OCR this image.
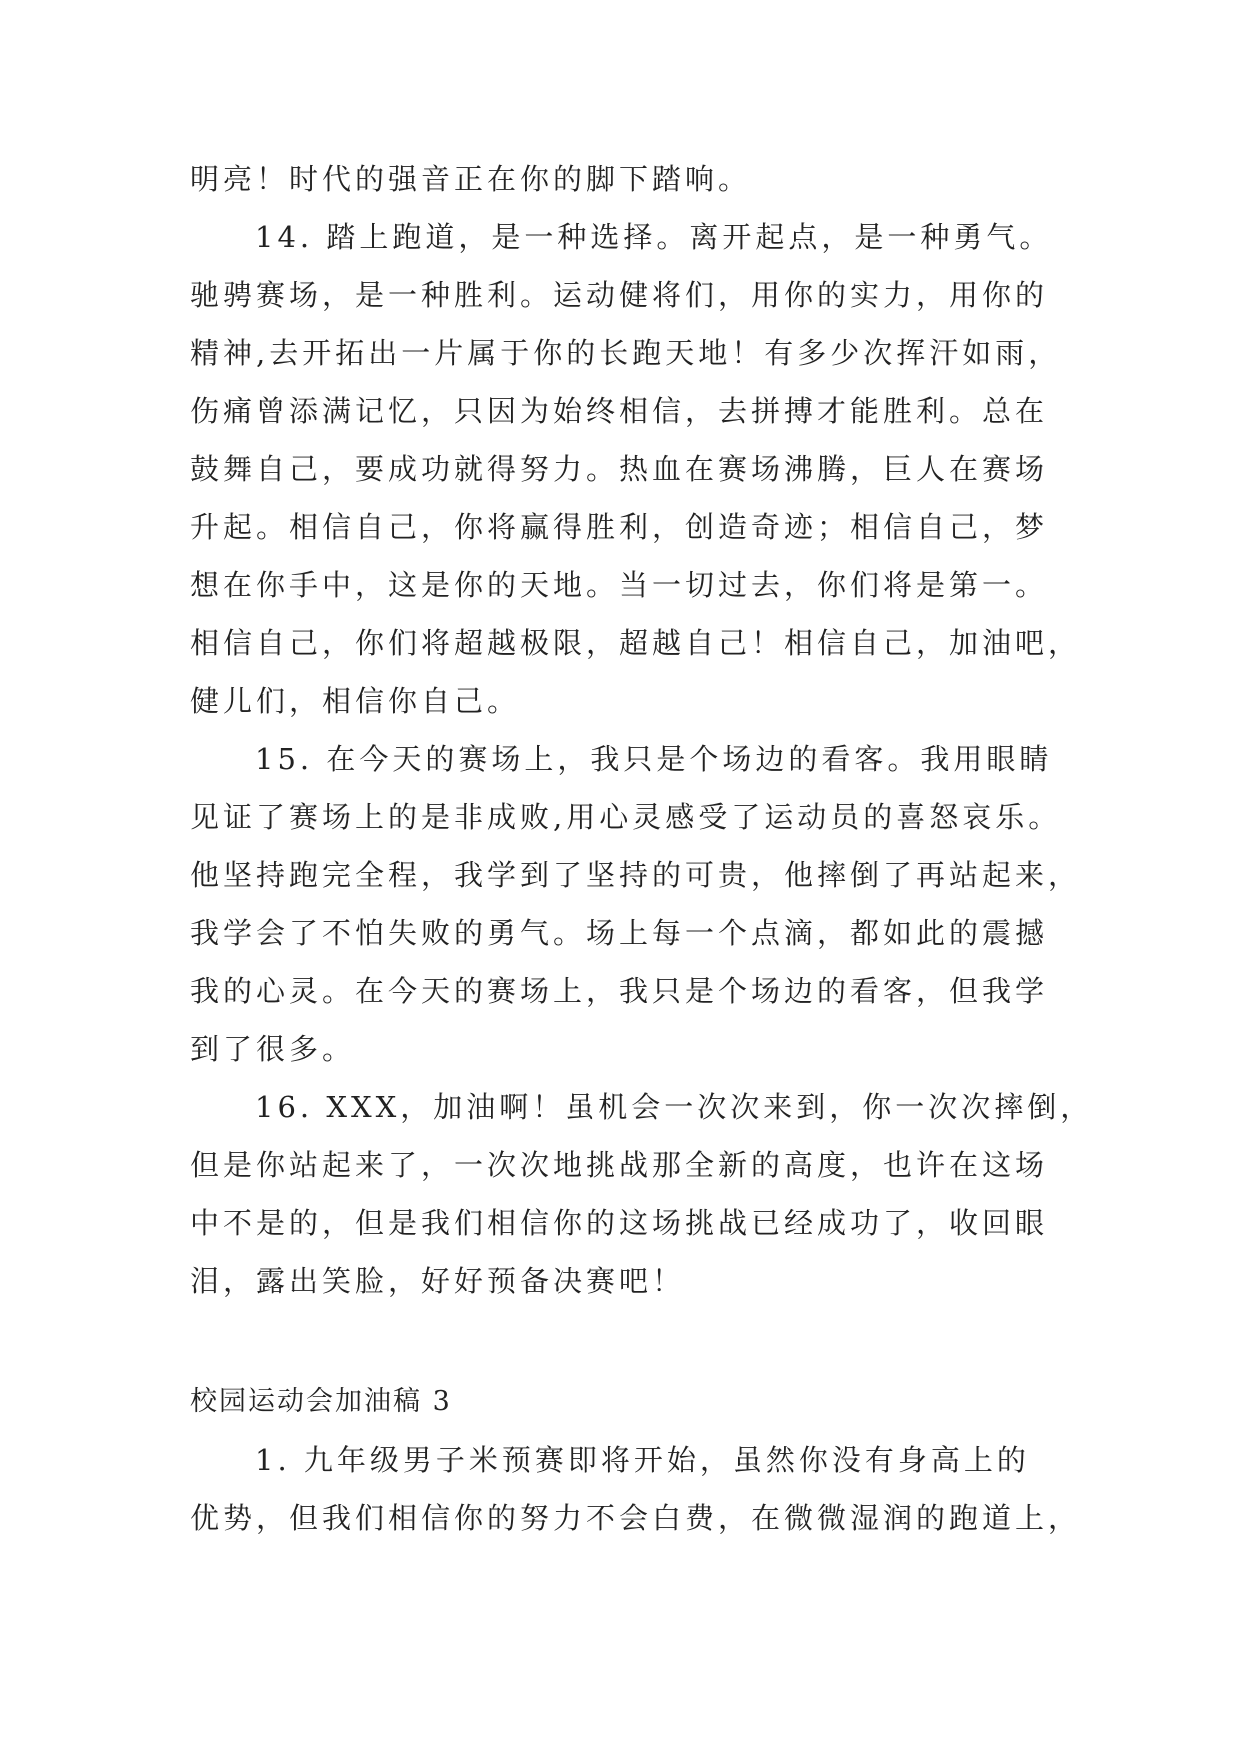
明亮！时代的强音正在你的脚下踏响。
14. 踏上跑道，是一种选择。离开起点，是一种勇气。
驰骋赛场，是一种胜利。运动健将们，用你的实力，用你的
精神,去开拓出一片属于你的长跑天地！有多少次挥汗如雨，
伤痛曾添满记忆，只因为始终相信，去拼搏才能胜利。总在
鼓舞自己，要成功就得努力。热血在赛场沸腾，巨人在赛场
升起。相信自己，你将赢得胜利，创造奇迹；相信自己，梦
想在你手中，这是你的天地。当一切过去，你们将是第一。
相信自己，你们将超越极限，超越自己！相信自己，加油吧，
健儿们，相信你自己。
15. 在今天的赛场上，我只是个场边的看客。我用眼睛
见证了赛场上的是非成败,用心灵感受了运动员的喜怒哀乐。
他坚持跑完全程，我学到了坚持的可贵，他摔倒了再站起来，
我学会了不怕失败的勇气。场上每一个点滴，都如此的震撼
我的心灵。在今天的赛场上，我只是个场边的看客，但我学
到了很多。
16. XXX，加油啊！虽机会一次次来到，你一次次摔倒，
但是你站起来了，一次次地挑战那全新的高度，也许在这场
中不是的，但是我们相信你的这场挑战已经成功了，收回眼
泪，露出笑脸，好好预备决赛吧！
校园运动会加油稿 3
1. 九年级男子米预赛即将开始，虽然你没有身高上的
优势，但我们相信你的努力不会白费，在微微湿润的跑道上，
